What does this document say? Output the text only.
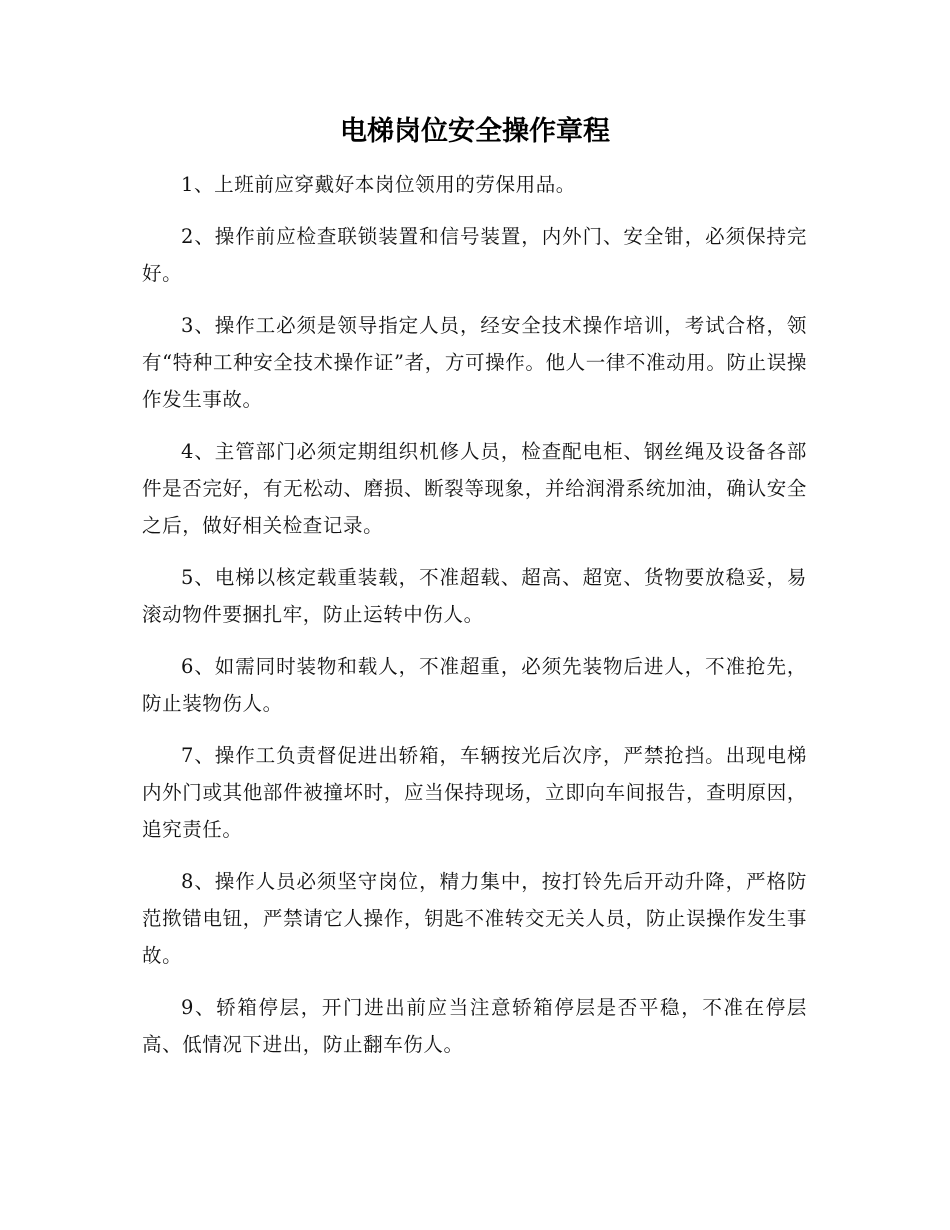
电梯岗位安全操作章程

1、上班前应穿戴好本岗位领用的劳保用品。

2、操作前应检查联锁装置和信号装置，内外门、安全钳，必须保持完好。

3、操作工必须是领导指定人员，经安全技术操作培训，考试合格，领有“特种工种安全技术操作证”者，方可操作。他人一律不准动用。防止误操作发生事故。

4、主管部门必须定期组织机修人员，检查配电柜、钢丝绳及设备各部件是否完好，有无松动、磨损、断裂等现象，并给润滑系统加油，确认安全之后，做好相关检查记录。

5、电梯以核定载重装载，不准超载、超高、超宽、货物要放稳妥，易滚动物件要捆扎牢，防止运转中伤人。

6、如需同时装物和载人，不准超重，必须先装物后进人，不准抢先，防止装物伤人。

7、操作工负责督促进出轿箱，车辆按光后次序，严禁抢挡。出现电梯内外门或其他部件被撞坏时，应当保持现场，立即向车间报告，查明原因，追究责任。

8、操作人员必须坚守岗位，精力集中，按打铃先后开动升降，严格防范揿错电钮，严禁请它人操作，钥匙不准转交无关人员，防止误操作发生事故。

9、轿箱停层，开门进出前应当注意轿箱停层是否平稳，不准在停层高、低情况下进出，防止翻车伤人。
